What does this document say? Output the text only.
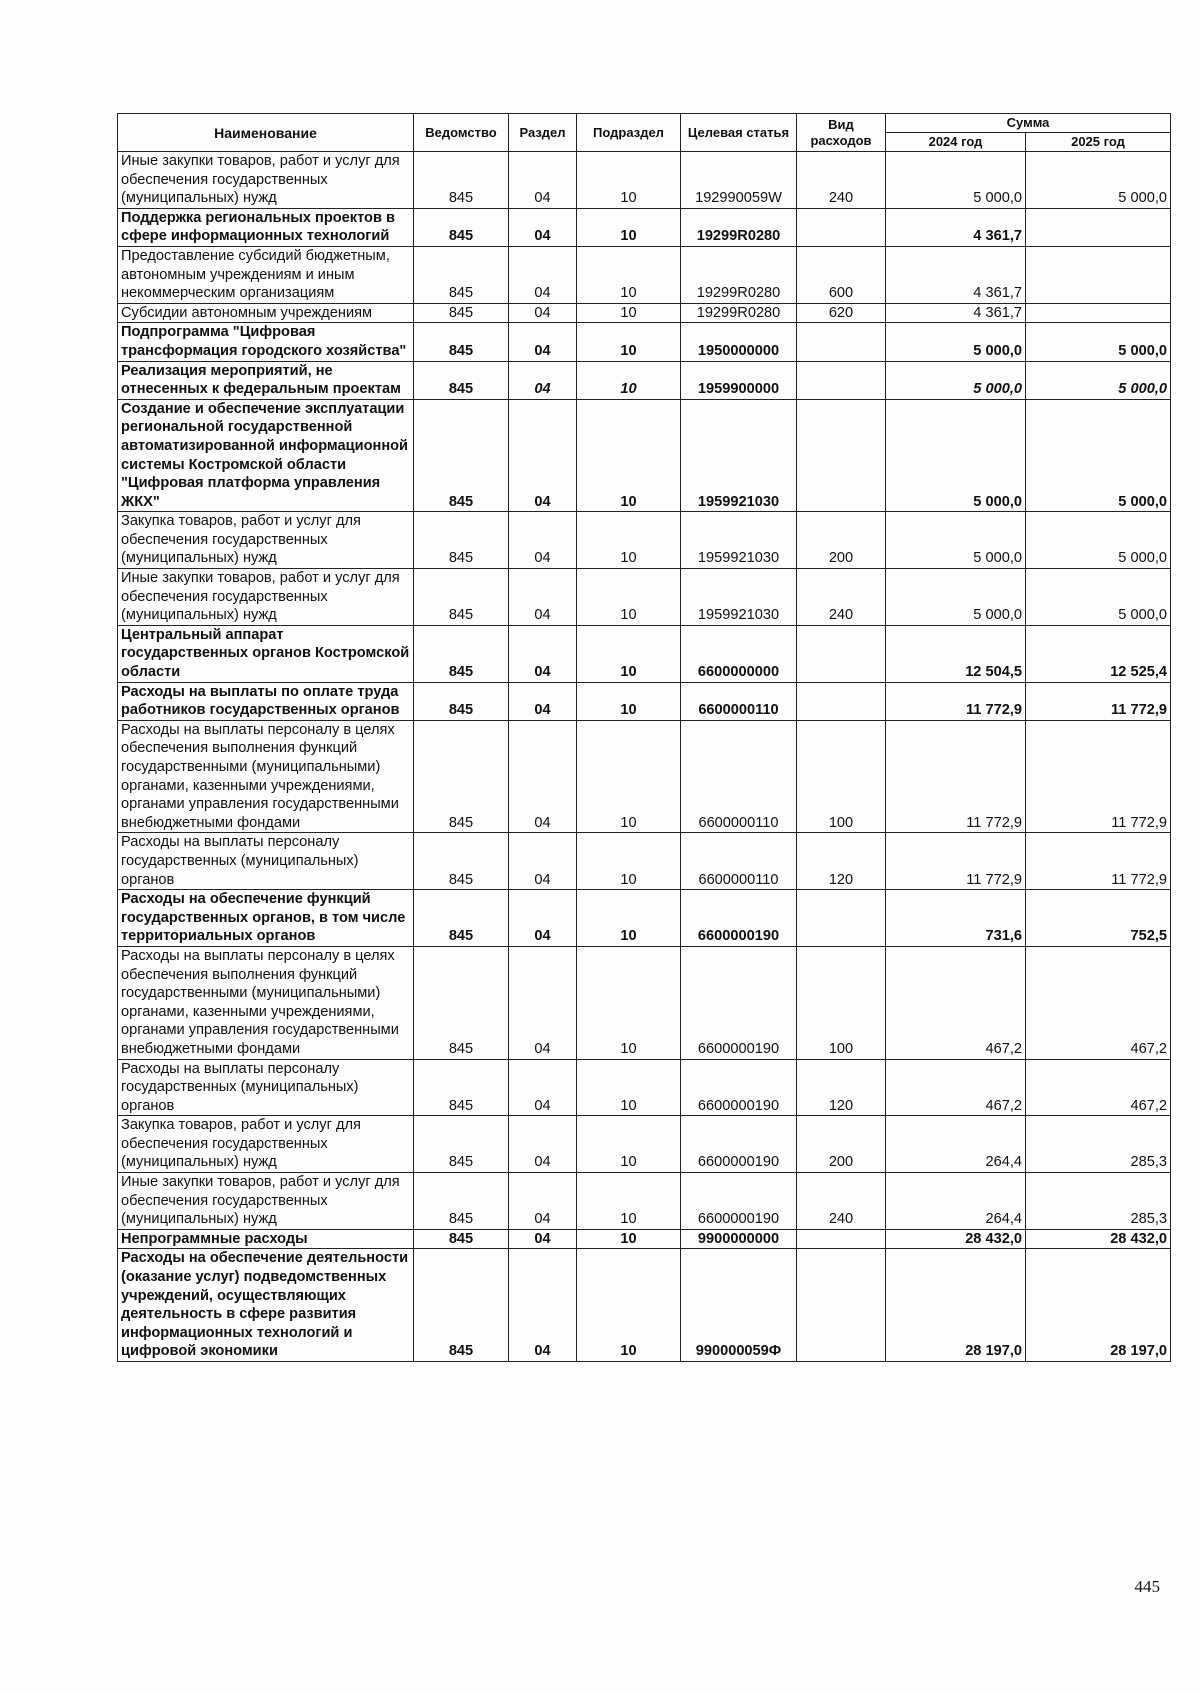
Наименование	Ведомство	Раздел	Подраздел	Целевая статья	Вид расходов	Сумма	
						2024 год	2025 год
Иные закупки товаров, работ и услуг для обеспечения государственных (муниципальных) нужд	845	04	10	192990059W	240	5 000,0	5 000,0
Поддержка региональных проектов в сфере информационных технологий	845	04	10	19299R0280		4 361,7	
Предоставление субсидий бюджетным, автономным учреждениям и иным некоммерческим организациям	845	04	10	19299R0280	600	4 361,7	
Субсидии автономным учреждениям	845	04	10	19299R0280	620	4 361,7	
Подпрограмма "Цифровая трансформация городского хозяйства"	845	04	10	1950000000		5 000,0	5 000,0
Реализация мероприятий, не отнесенных к федеральным проектам	845	04	10	1959900000		5 000,0	5 000,0
Создание и обеспечение эксплуатации региональной государственной автоматизированной информационной системы Костромской области "Цифровая платформа управления ЖКХ"	845	04	10	1959921030		5 000,0	5 000,0
Закупка товаров, работ и услуг для обеспечения государственных (муниципальных) нужд	845	04	10	1959921030	200	5 000,0	5 000,0
Иные закупки товаров, работ и услуг для обеспечения государственных (муниципальных) нужд	845	04	10	1959921030	240	5 000,0	5 000,0
Центральный аппарат государственных органов Костромской области	845	04	10	6600000000		12 504,5	12 525,4
Расходы на выплаты по оплате труда работников государственных органов	845	04	10	6600000110		11 772,9	11 772,9
Расходы на выплаты персоналу в целях обеспечения выполнения функций государственными (муниципальными) органами, казенными учреждениями, органами управления государственными внебюджетными фондами	845	04	10	6600000110	100	11 772,9	11 772,9
Расходы на выплаты персоналу государственных (муниципальных) органов	845	04	10	6600000110	120	11 772,9	11 772,9
Расходы на обеспечение функций государственных органов, в том числе территориальных органов	845	04	10	6600000190		731,6	752,5
Расходы на выплаты персоналу в целях обеспечения выполнения функций государственными (муниципальными) органами, казенными учреждениями, органами управления государственными внебюджетными фондами	845	04	10	6600000190	100	467,2	467,2
Расходы на выплаты персоналу государственных (муниципальных) органов	845	04	10	6600000190	120	467,2	467,2
Закупка товаров, работ и услуг для обеспечения государственных (муниципальных) нужд	845	04	10	6600000190	200	264,4	285,3
Иные закупки товаров, работ и услуг для обеспечения государственных (муниципальных) нужд	845	04	10	6600000190	240	264,4	285,3
Непрограммные расходы	845	04	10	9900000000		28 432,0	28 432,0
Расходы на обеспечение деятельности (оказание услуг) подведомственных учреждений, осуществляющих деятельность в сфере развития информационных технологий и цифровой экономики	845	04	10	990000059Ф		28 197,0	28 197,0
445
